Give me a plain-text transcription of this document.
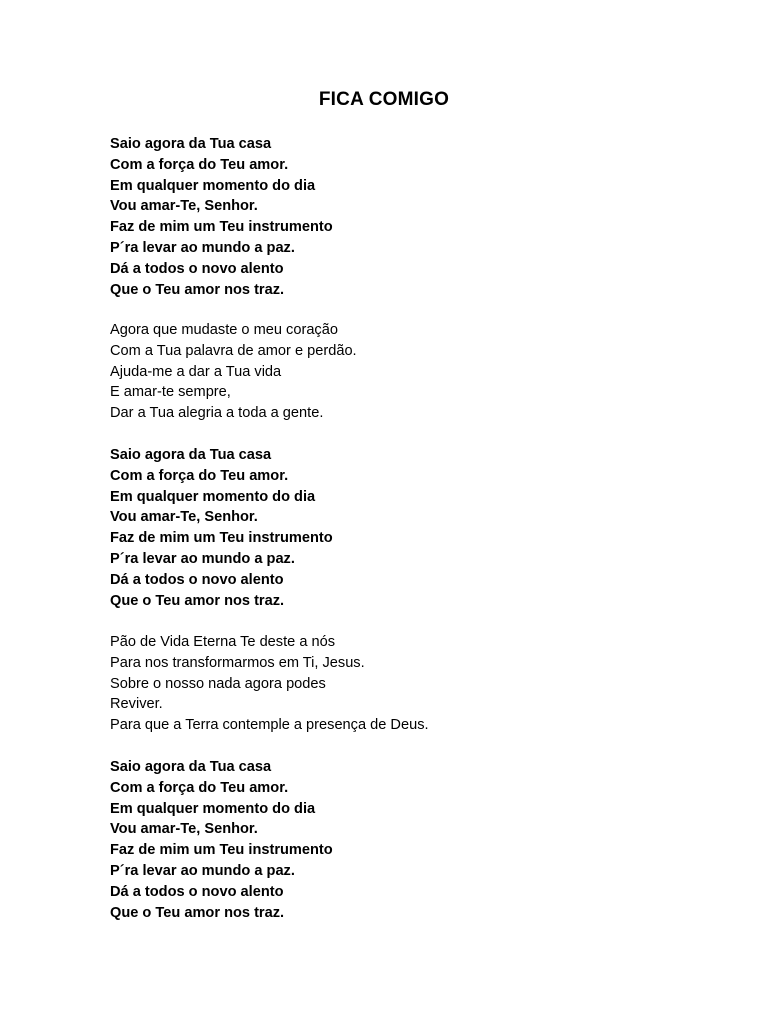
FICA COMIGO
Saio agora da Tua casa
Com a força do Teu amor.
Em qualquer momento do dia
Vou amar-Te, Senhor.
Faz de mim um Teu instrumento
P´ra levar ao mundo a paz.
Dá a todos o novo alento
Que o Teu amor nos traz.
Agora que mudaste o meu coração
Com a Tua palavra de amor e perdão.
Ajuda-me a dar a Tua vida
E amar-te sempre,
Dar a Tua alegria a toda a gente.
Saio agora da Tua casa
Com a força do Teu amor.
Em qualquer momento do dia
Vou amar-Te, Senhor.
Faz de mim um Teu instrumento
P´ra levar ao mundo a paz.
Dá a todos o novo alento
Que o Teu amor nos traz.
Pão de Vida Eterna Te deste a nós
Para nos transformarmos em Ti, Jesus.
Sobre o nosso nada agora podes
Reviver.
Para que a Terra contemple a presença de Deus.
Saio agora da Tua casa
Com a força do Teu amor.
Em qualquer momento do dia
Vou amar-Te, Senhor.
Faz de mim um Teu instrumento
P´ra levar ao mundo a paz.
Dá a todos o novo alento
Que o Teu amor nos traz.
